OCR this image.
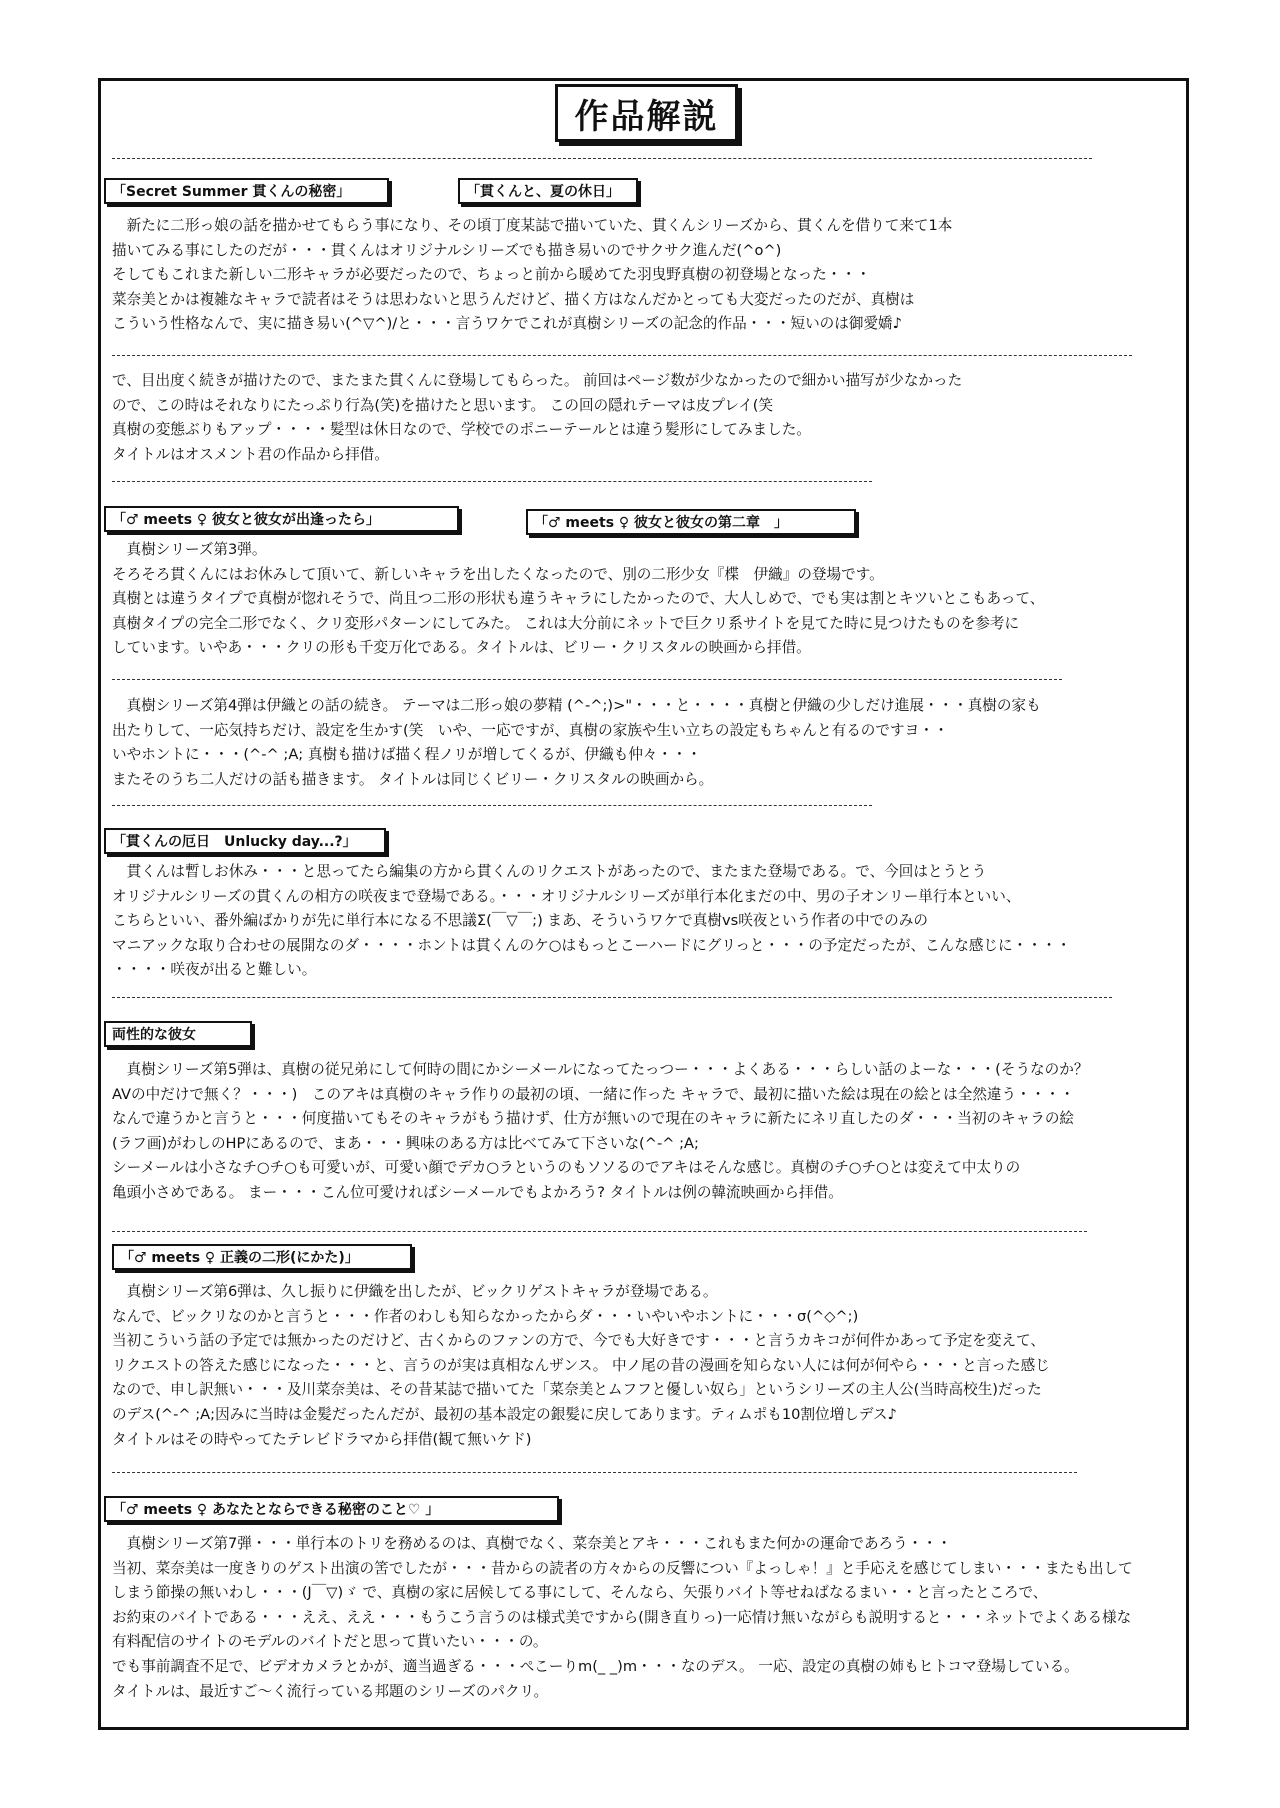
作品解説
「Secret Summer 貫くんの秘密」	「貫くんと、夏の休日」
　新たに二形っ娘の話を描かせてもらう事になり、その頃丁度某誌で描いていた、貫くんシリーズから、貫くんを借りて来て1本
描いてみる事にしたのだが・・・貫くんはオリジナルシリーズでも描き易いのでサクサク進んだ(^o^)
そしてもこれまた新しい二形キャラが必要だったので、ちょっと前から暖めてた羽曳野真樹の初登場となった・・・
菜奈美とかは複雑なキャラで読者はそうは思わないと思うんだけど、描く方はなんだかとっても大変だったのだが、真樹は
こういう性格なんで、実に描き易い(^▽^)/と・・・言うワケでこれが真樹シリーズの記念的作品・・・短いのは御愛嬌♪
で、目出度く続きが描けたので、またまた貫くんに登場してもらった。 前回はページ数が少なかったので細かい描写が少なかった
ので、この時はそれなりにたっぷり行為(笑)を描けたと思います。 この回の隠れテーマは皮プレイ(笑
真樹の変態ぶりもアップ・・・・髪型は休日なので、学校でのポニーテールとは違う髪形にしてみました。
タイトルはオスメント君の作品から拝借。
「♂ meets ♀ 彼女と彼女が出逢ったら」	「♂ meets ♀ 彼女と彼女の第二章　」
　真樹シリーズ第3弾。
そろそろ貫くんにはお休みして頂いて、新しいキャラを出したくなったので、別の二形少女『楪　伊織』の登場です。
真樹とは違うタイプで真樹が惚れそうで、尚且つ二形の形状も違うキャラにしたかったので、大人しめで、でも実は割とキツいとこもあって、
真樹タイプの完全二形でなく、クリ変形パターンにしてみた。 これは大分前にネットで巨クリ系サイトを見てた時に見つけたものを参考に
しています。いやあ・・・クリの形も千変万化である。タイトルは、ビリー・クリスタルの映画から拝借。
　真樹シリーズ第4弾は伊織との話の続き。 テーマは二形っ娘の夢精 (^-^;)>"・・・と・・・・真樹と伊織の少しだけ進展・・・真樹の家も
出たりして、一応気持ちだけ、設定を生かす(笑　いや、一応ですが、真樹の家族や生い立ちの設定もちゃんと有るのですヨ・・
いやホントに・・・(^-^ ;A; 真樹も描けば描く程ノリが増してくるが、伊織も仲々・・・
またそのうち二人だけの話も描きます。 タイトルは同じくビリー・クリスタルの映画から。
「貫くんの厄日　Unlucky day...?」
　貫くんは暫しお休み・・・と思ってたら編集の方から貫くんのリクエストがあったので、またまた登場である。で、今回はとうとう
オリジナルシリーズの貫くんの相方の咲夜まで登場である。・・・オリジナルシリーズが単行本化まだの中、男の子オンリー単行本といい、
こちらといい、番外編ばかりが先に単行本になる不思議Σ(￣▽￣;) まあ、そういうワケで真樹vs咲夜という作者の中でのみの
マニアックな取り合わせの展開なのダ・・・・ホントは貫くんのケ○はもっとこーハードにグリっと・・・の予定だったが、こんな感じに・・・・
・・・・咲夜が出ると難しい。
両性的な彼女
　真樹シリーズ第5弾は、真樹の従兄弟にして何時の間にかシーメールになってたっつー・・・よくある・・・らしい話のよーな・・・(そうなのか？
AVの中だけで無く？・・・)　このアキは真樹のキャラ作りの最初の頃、一緒に作った キャラで、最初に描いた絵は現在の絵とは全然違う・・・・
なんで違うかと言うと・・・何度描いてもそのキャラがもう描けず、仕方が無いので現在のキャラに新たにネリ直したのダ・・・当初のキャラの絵
(ラフ画)がわしのHPにあるので、まあ・・・興味のある方は比べてみて下さいな(^-^ ;A;
シーメールは小さなチ○チ○も可愛いが、可愛い顔でデカ○ラというのもソソるのでアキはそんな感じ。真樹のチ○チ○とは変えて中太りの
亀頭小さめである。 まー・・・こん位可愛ければシーメールでもよかろう? タイトルは例の韓流映画から拝借。
「♂ meets ♀ 正義の二形(にかた)」
　真樹シリーズ第6弾は、久し振りに伊織を出したが、ビックリゲストキャラが登場である。
なんで、ビックリなのかと言うと・・・作者のわしも知らなかったからダ・・・いやいやホントに・・・σ(^◇^;)
当初こういう話の予定では無かったのだけど、古くからのファンの方で、今でも大好きです・・・と言うカキコが何件かあって予定を変えて、
リクエストの答えた感じになった・・・と、言うのが実は真相なんザンス。 中ノ尾の昔の漫画を知らない人には何が何やら・・・と言った感じ
なので、申し訳無い・・・及川菜奈美は、その昔某誌で描いてた「菜奈美とムフフと優しい奴ら」というシリーズの主人公(当時高校生)だった
のデス(^-^ ;A;因みに当時は金髪だったんだが、最初の基本設定の銀髪に戻してあります。ティムポも10割位増しデス♪
タイトルはその時やってたテレビドラマから拝借(観て無いケド)
「♂ meets ♀ あなたとならできる秘密のこと♡ 」
　真樹シリーズ第7弾・・・単行本のトリを務めるのは、真樹でなく、菜奈美とアキ・・・これもまた何かの運命であろう・・・
当初、菜奈美は一度きりのゲスト出演の筈でしたが・・・昔からの読者の方々からの反響につい『よっしゃ！』と手応えを感じてしまい・・・またも出して
しまう節操の無いわし・・・(J￣▽)ゞ で、真樹の家に居候してる事にして、そんなら、矢張りバイト等せねばなるまい・・と言ったところで、
お約束のバイトである・・・ええ、ええ・・・もうこう言うのは様式美ですから(開き直りっ)一応情け無いながらも説明すると・・・ネットでよくある様な
有料配信のサイトのモデルのバイトだと思って貰いたい・・・の。
でも事前調査不足で、ビデオカメラとかが、適当過ぎる・・・ぺこーりm(_ _)m・・・なのデス。 一応、設定の真樹の姉もヒトコマ登場している。
タイトルは、最近すご～く流行っている邦題のシリーズのパクリ。
